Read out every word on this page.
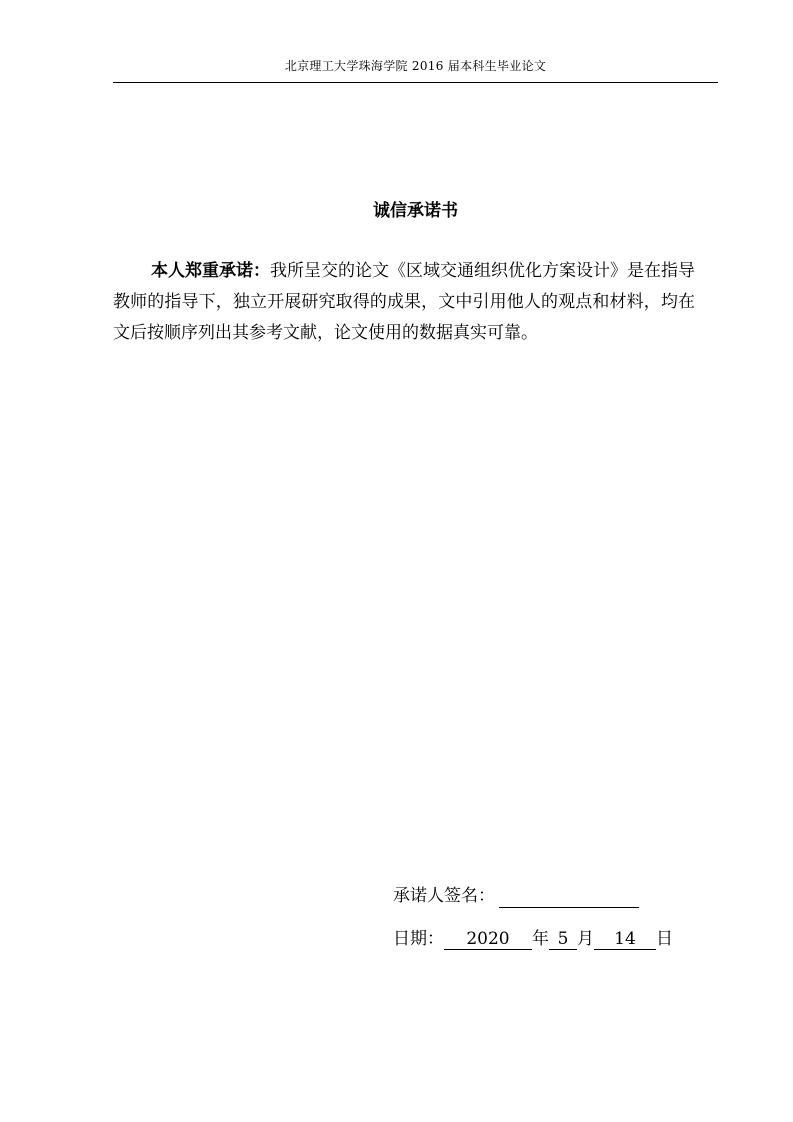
北京理工大学珠海学院 2016 届本科生毕业论文
诚信承诺书
本人郑重承诺：我所呈交的论文《区域交通组织优化方案设计》是在指导教师的指导下，独立开展研究取得的成果，文中引用他人的观点和材料，均在文后按顺序列出其参考文献，论文使用的数据真实可靠。
承诺人签名：
日期： 2020 年 5 月 14 日
